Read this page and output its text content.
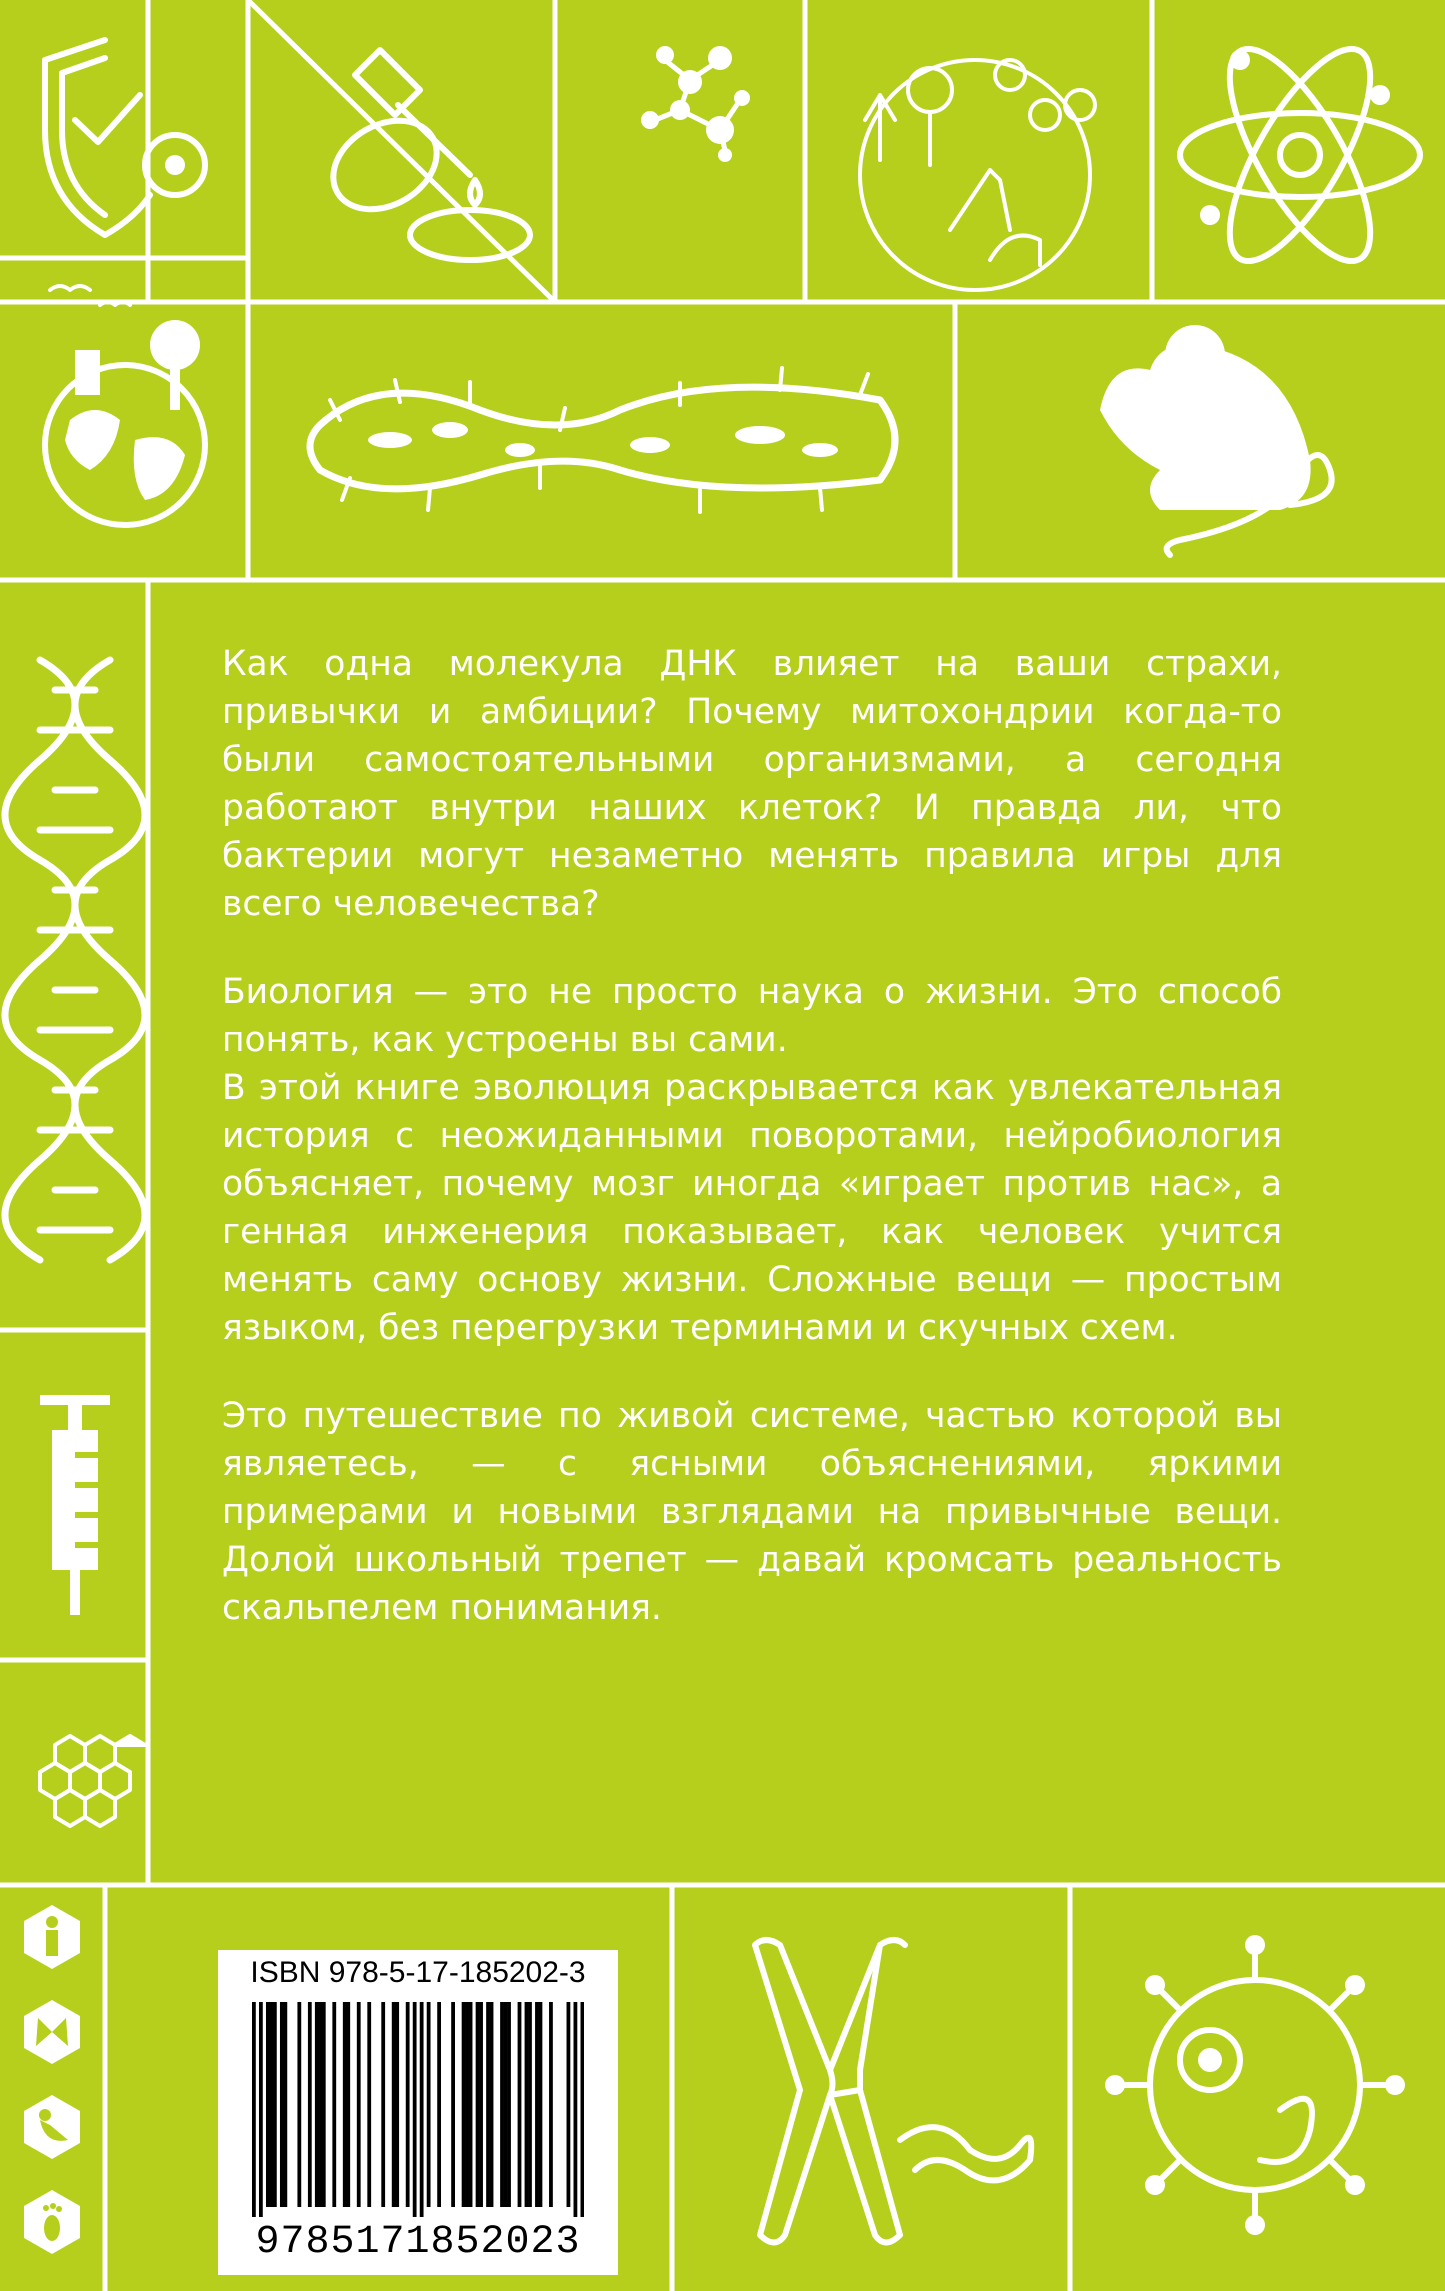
Как одна молекула ДНК влияет на ваши страхи, привычки и амбиции? Почему митохондрии когда-то были самостоятельными организмами, а сегодня работают внутри наших клеток? И правда ли, что бактерии могут незаметно менять правила игры для всего человечества?

Биология — это не просто наука о жизни. Это способ понять, как устроены вы сами.

В этой книге эволюция раскрывается как увлекательная история с неожиданными поворотами, нейробиология объясняет, почему мозг иногда «играет против нас», а генная инженерия показывает, как человек учится менять саму основу жизни. Сложные вещи — простым языком, без перегрузки терминами и скучных схем.

Это путешествие по живой системе, частью которой вы являетесь, — с ясными объяснениями, яркими примерами и новыми взглядами на привычные вещи. Долой школьный трепет — давай кромсать реальность скальпелем понимания.

ISBN 978-5-17-185202-3
9785171852023
